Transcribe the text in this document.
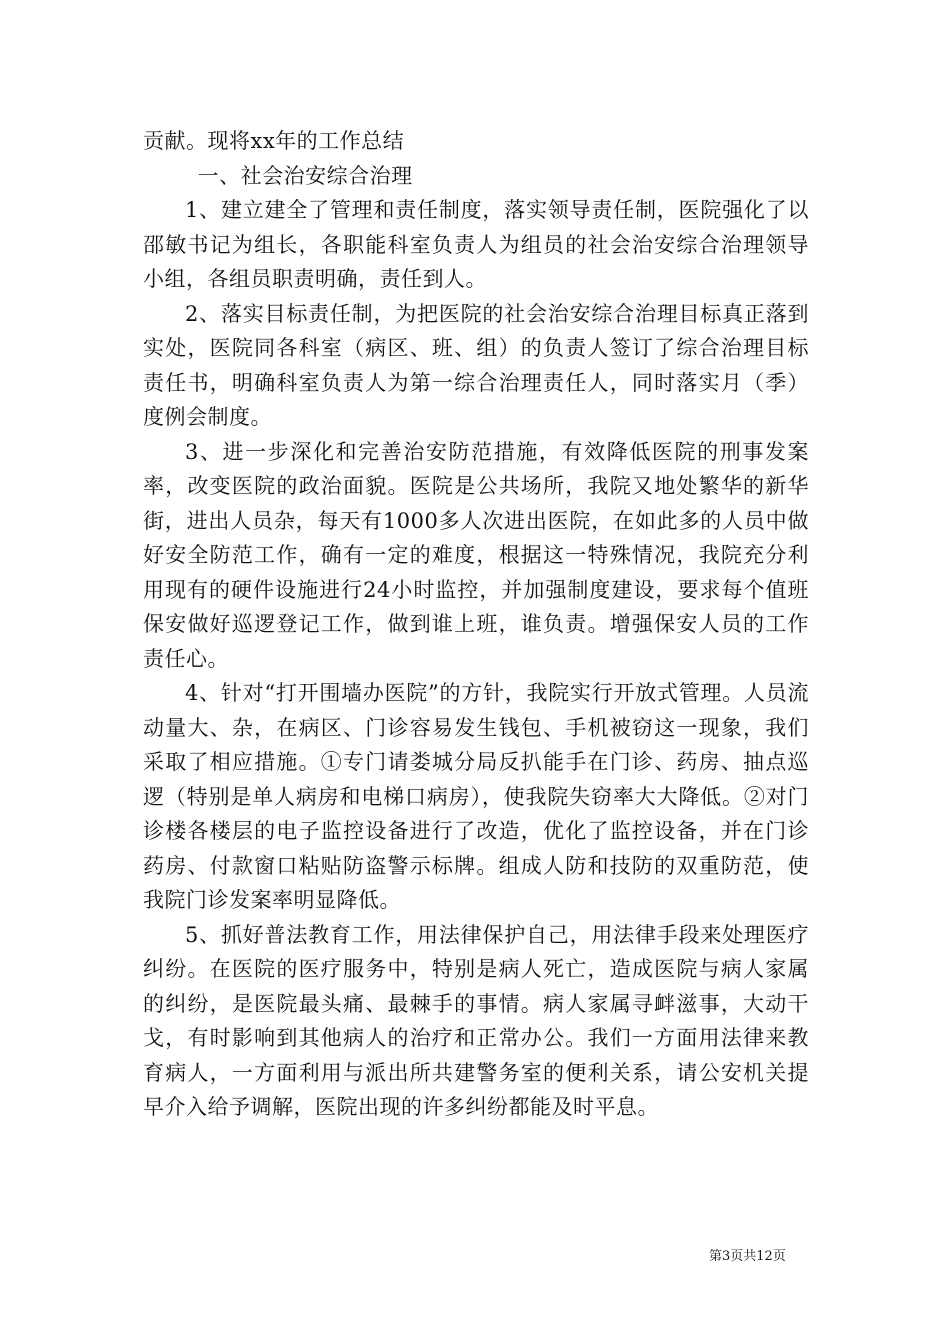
贡献。现将xx年的工作总结

一、社会治安综合治理

1、建立建全了管理和责任制度，落实领导责任制，医院强化了以邵敏书记为组长，各职能科室负责人为组员的社会治安综合治理领导小组，各组员职责明确，责任到人。

2、落实目标责任制，为把医院的社会治安综合治理目标真正落到实处，医院同各科室（病区、班、组）的负责人签订了综合治理目标责任书，明确科室负责人为第一综合治理责任人，同时落实月（季）度例会制度。

3、进一步深化和完善治安防范措施，有效降低医院的刑事发案率，改变医院的政治面貌。医院是公共场所，我院又地处繁华的新华街，进出人员杂，每天有1000多人次进出医院，在如此多的人员中做好安全防范工作，确有一定的难度，根据这一特殊情况，我院充分利用现有的硬件设施进行24小时监控，并加强制度建设，要求每个值班保安做好巡逻登记工作，做到谁上班，谁负责。增强保安人员的工作责任心。

4、针对“打开围墙办医院”的方针，我院实行开放式管理。人员流动量大、杂，在病区、门诊容易发生钱包、手机被窃这一现象，我们采取了相应措施。①专门请娄城分局反扒能手在门诊、药房、抽点巡逻（特别是单人病房和电梯口病房），使我院失窃率大大降低。②对门诊楼各楼层的电子监控设备进行了改造，优化了监控设备，并在门诊药房、付款窗口粘贴防盗警示标牌。组成人防和技防的双重防范，使我院门诊发案率明显降低。

5、抓好普法教育工作，用法律保护自己，用法律手段来处理医疗纠纷。在医院的医疗服务中，特别是病人死亡，造成医院与病人家属的纠纷，是医院最头痛、最棘手的事情。病人家属寻衅滋事，大动干戈，有时影响到其他病人的治疗和正常办公。我们一方面用法律来教育病人，一方面利用与派出所共建警务室的便利关系，请公安机关提早介入给予调解，医院出现的许多纠纷都能及时平息。

第3页共12页
